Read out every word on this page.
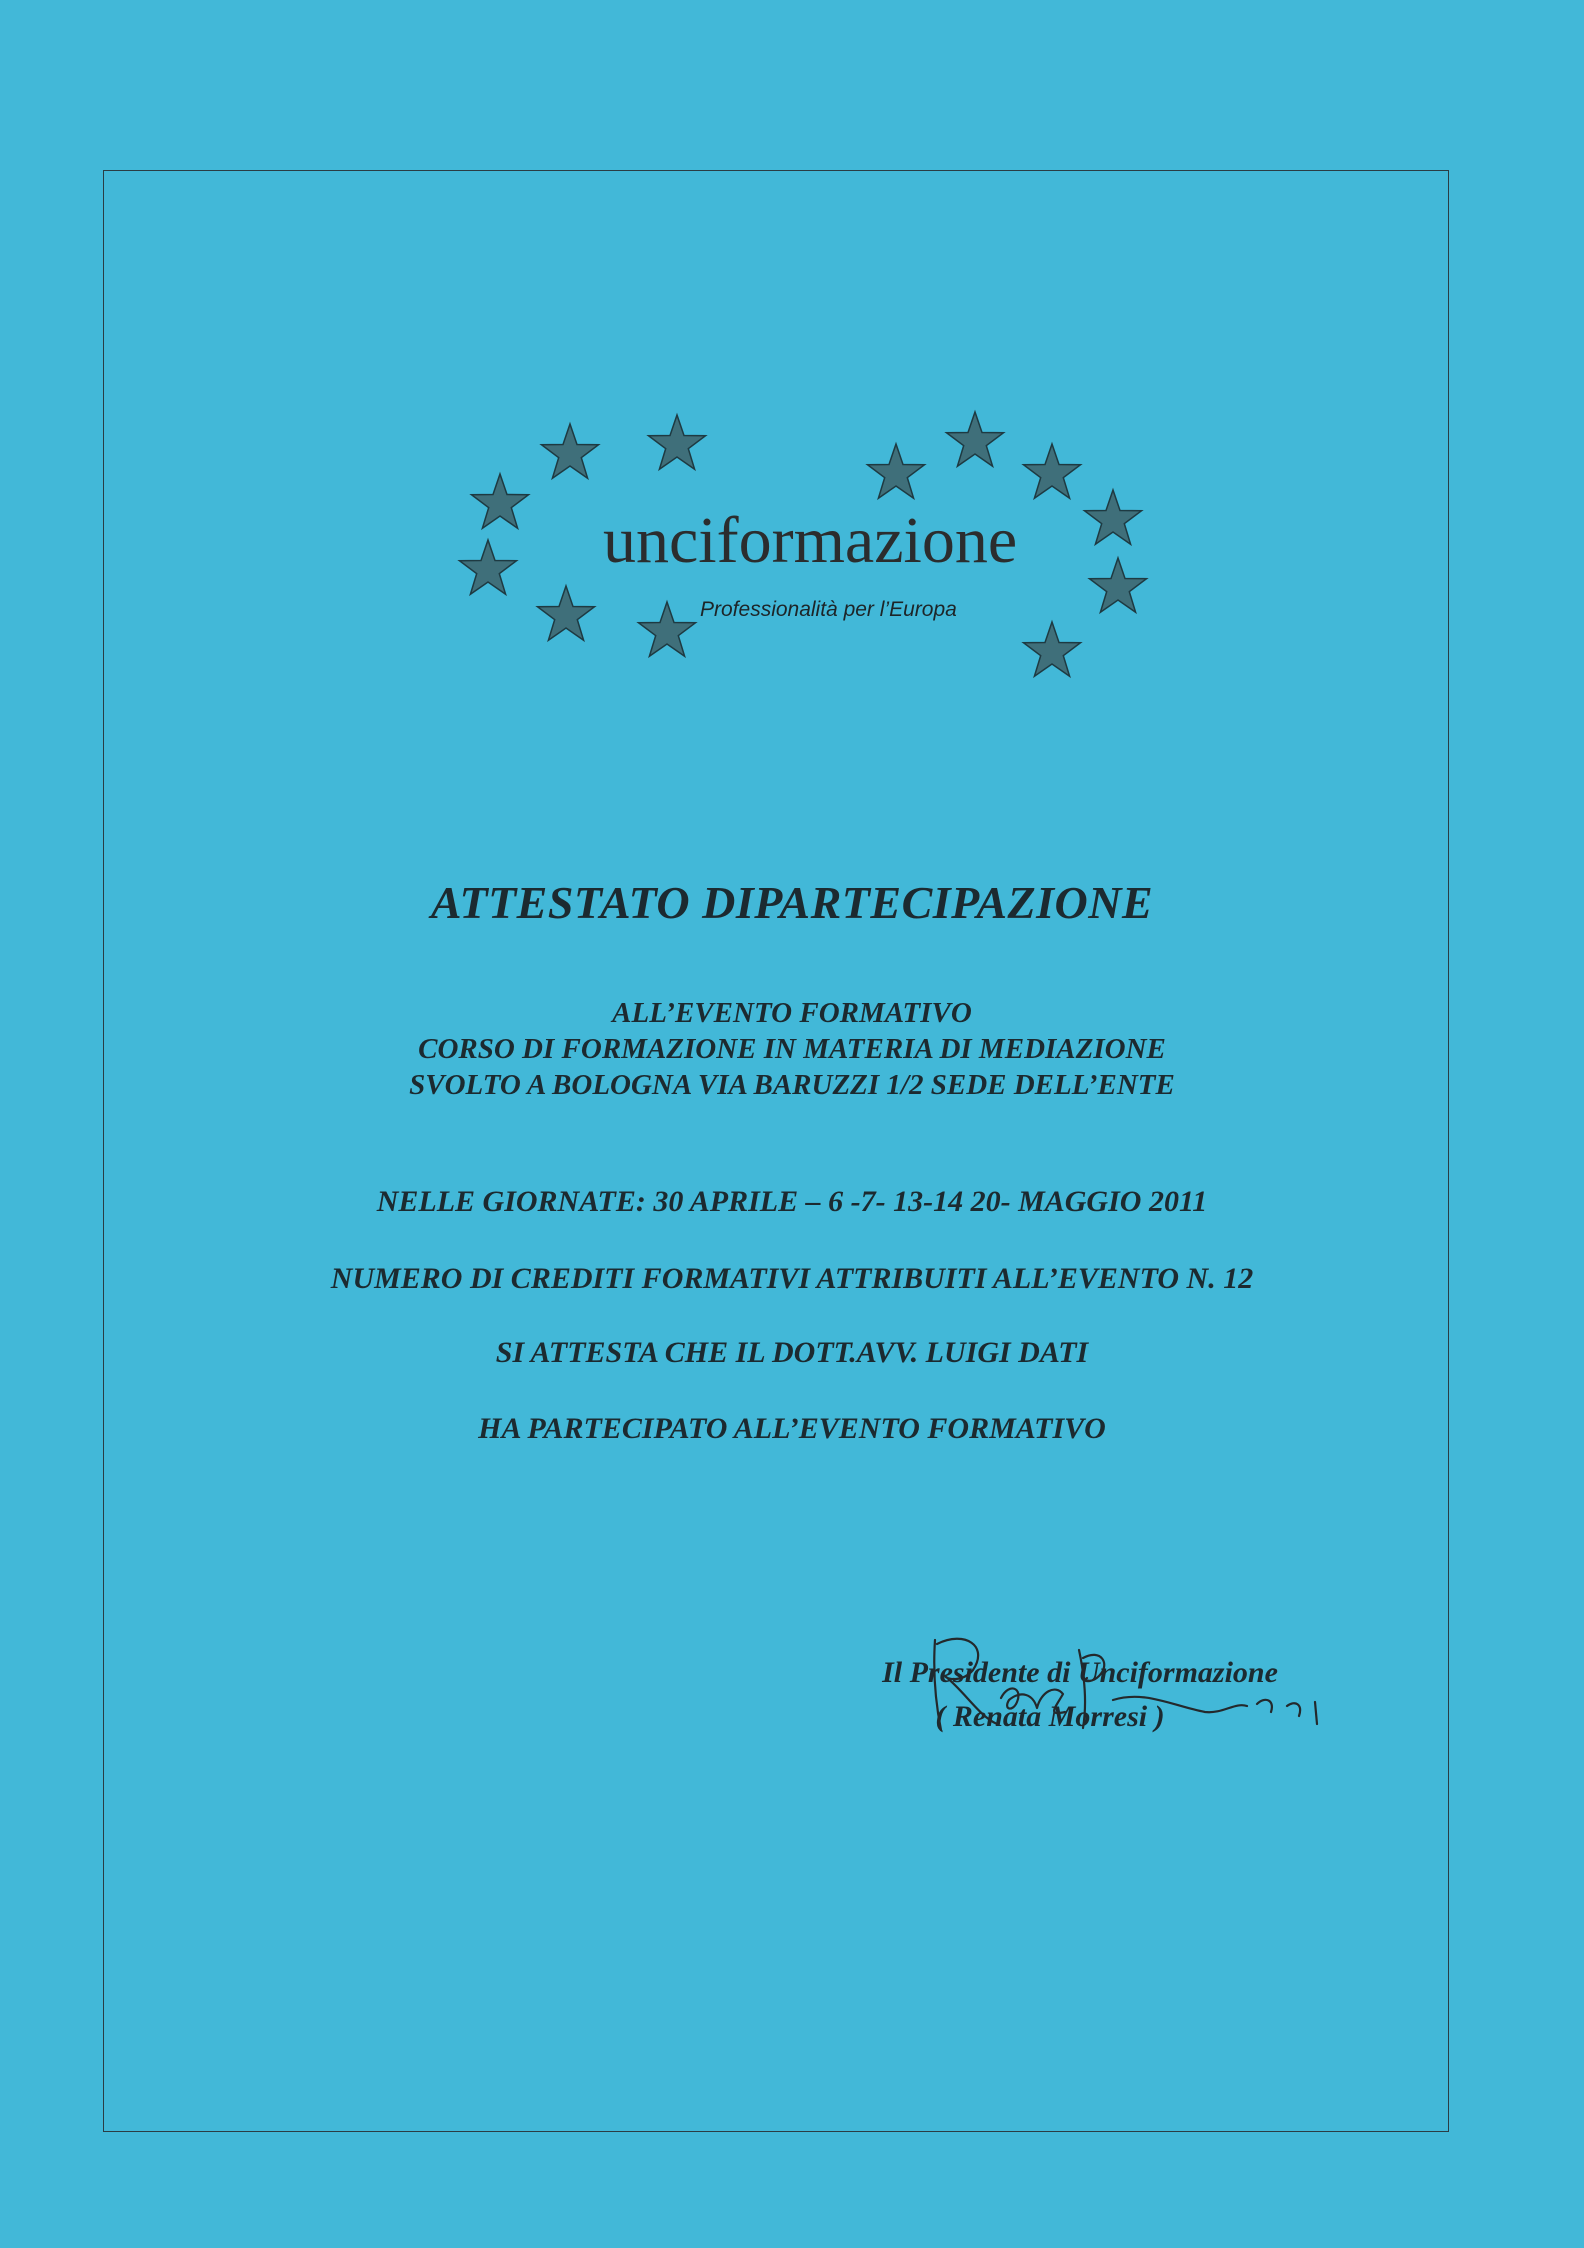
unciformazione
Professionalità per l’Europa
ATTESTATO DIPARTECIPAZIONE
ALL’EVENTO FORMATIVO
CORSO DI FORMAZIONE IN MATERIA DI MEDIAZIONE
SVOLTO A BOLOGNA VIA BARUZZI 1/2 SEDE DELL’ENTE
NELLE GIORNATE: 30 APRILE – 6 -7- 13-14 20- MAGGIO 2011
NUMERO DI CREDITI FORMATIVI ATTRIBUITI ALL’EVENTO N. 12
SI ATTESTA CHE IL DOTT.AVV. LUIGI DATI
HA PARTECIPATO ALL’EVENTO FORMATIVO
Il Presidente di Unciformazione
( Renata Morresi )
